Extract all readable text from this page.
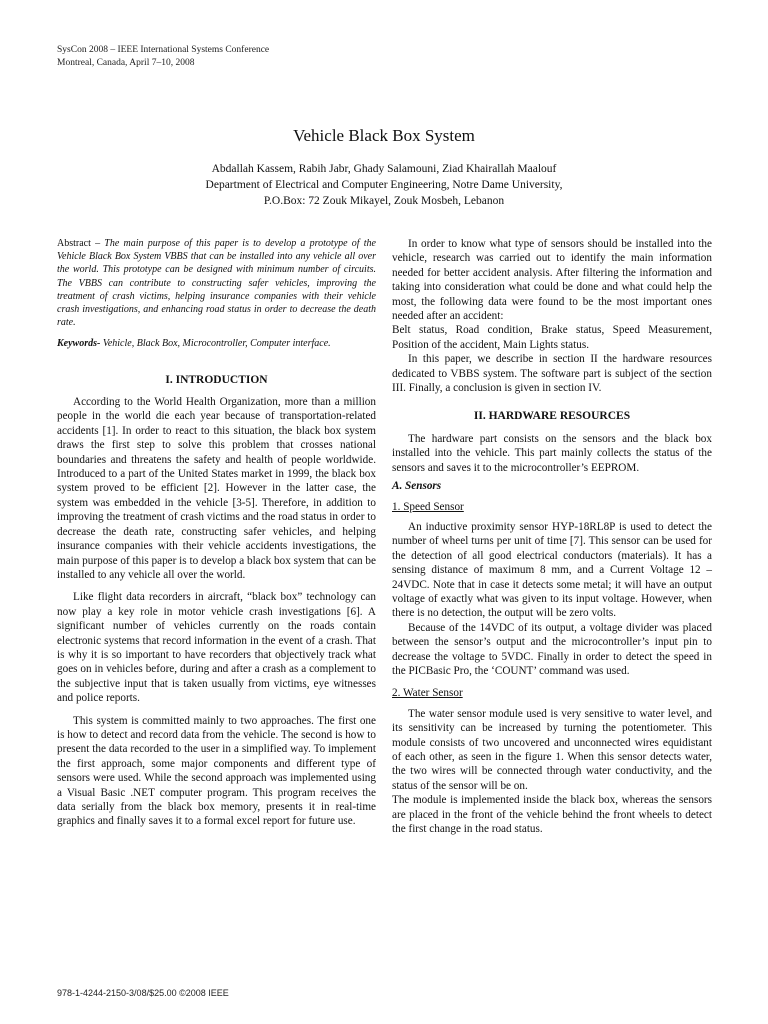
SysCon 2008 – IEEE International Systems Conference
Montreal, Canada, April 7–10, 2008
Vehicle Black Box System
Abdallah Kassem, Rabih Jabr, Ghady Salamouni, Ziad Khairallah Maalouf
Department of Electrical and Computer Engineering, Notre Dame University,
P.O.Box: 72 Zouk Mikayel, Zouk Mosbeh, Lebanon

Abstract – The main purpose of this paper is to develop a prototype of the Vehicle Black Box System VBBS that can be installed into any vehicle all over the world. This prototype can be designed with minimum number of circuits. The VBBS can contribute to constructing safer vehicles, improving the treatment of crash victims, helping insurance companies with their vehicle crash investigations, and enhancing road status in order to decrease the death rate.

Keywords- Vehicle, Black Box, Microcontroller, Computer interface.

I. INTRODUCTION

According to the World Health Organization, more than a million people in the world die each year because of transportation-related accidents [1]. In order to react to this situation, the black box system draws the first step to solve this problem that crosses national boundaries and threatens the safety and health of people worldwide. Introduced to a part of the United States market in 1999, the black box system proved to be efficient [2]. However in the latter case, the system was embedded in the vehicle [3-5]. Therefore, in addition to improving the treatment of crash victims and the road status in order to decrease the death rate, constructing safer vehicles, and helping insurance companies with their vehicle accidents investigations, the main purpose of this paper is to develop a black box system that can be installed to any vehicle all over the world.

Like flight data recorders in aircraft, “black box” technology can now play a key role in motor vehicle crash investigations [6]. A significant number of vehicles currently on the roads contain electronic systems that record information in the event of a crash. That is why it is so important to have recorders that objectively track what goes on in vehicles before, during and after a crash as a complement to the subjective input that is taken usually from victims, eye witnesses and police reports.

This system is committed mainly to two approaches. The first one is how to detect and record data from the vehicle. The second is how to present the data recorded to the user in a simplified way. To implement the first approach, some major components and different type of sensors were used. While the second approach was implemented using a Visual Basic .NET computer program. This program receives the data serially from the black box memory, presents it in real-time graphics and finally saves it to a formal excel report for future use.

In order to know what type of sensors should be installed into the vehicle, research was carried out to identify the main information needed for better accident analysis. After filtering the information and taking into consideration what could be done and what could help the most, the following data were found to be the most important ones needed after an accident:

Belt status, Road condition, Brake status, Speed Measurement, Position of the accident, Main Lights status.

In this paper, we describe in section II the hardware resources dedicated to VBBS system. The software part is subject of the section III. Finally, a conclusion is given in section IV.

II. HARDWARE RESOURCES

The hardware part consists on the sensors and the black box installed into the vehicle. This part mainly collects the status of the sensors and saves it to the microcontroller’s EEPROM.

A. Sensors
1. Speed Sensor

An inductive proximity sensor HYP-18RL8P is used to detect the number of wheel turns per unit of time [7]. This sensor can be used for the detection of all good electrical conductors (materials). It has a sensing distance of maximum 8 mm, and a Current Voltage 12 – 24VDC. Note that in case it detects some metal; it will have an output voltage of exactly what was given to its input voltage. However, when there is no detection, the output will be zero volts.

Because of the 14VDC of its output, a voltage divider was placed between the sensor’s output and the microcontroller’s input pin to decrease the voltage to 5VDC. Finally in order to detect the speed in the PICBasic Pro, the ‘COUNT’ command was used.

2. Water Sensor

The water sensor module used is very sensitive to water level, and its sensitivity can be increased by turning the potentiometer. This module consists of two uncovered and unconnected wires equidistant of each other, as seen in the figure 1. When this sensor detects water, the two wires will be connected through water conductivity, and the status of the sensor will be on.

The module is implemented inside the black box, whereas the sensors are placed in the front of the vehicle behind the front wheels to detect the first change in the road status.

978-1-4244-2150-3/08/$25.00 ©2008 IEEE
